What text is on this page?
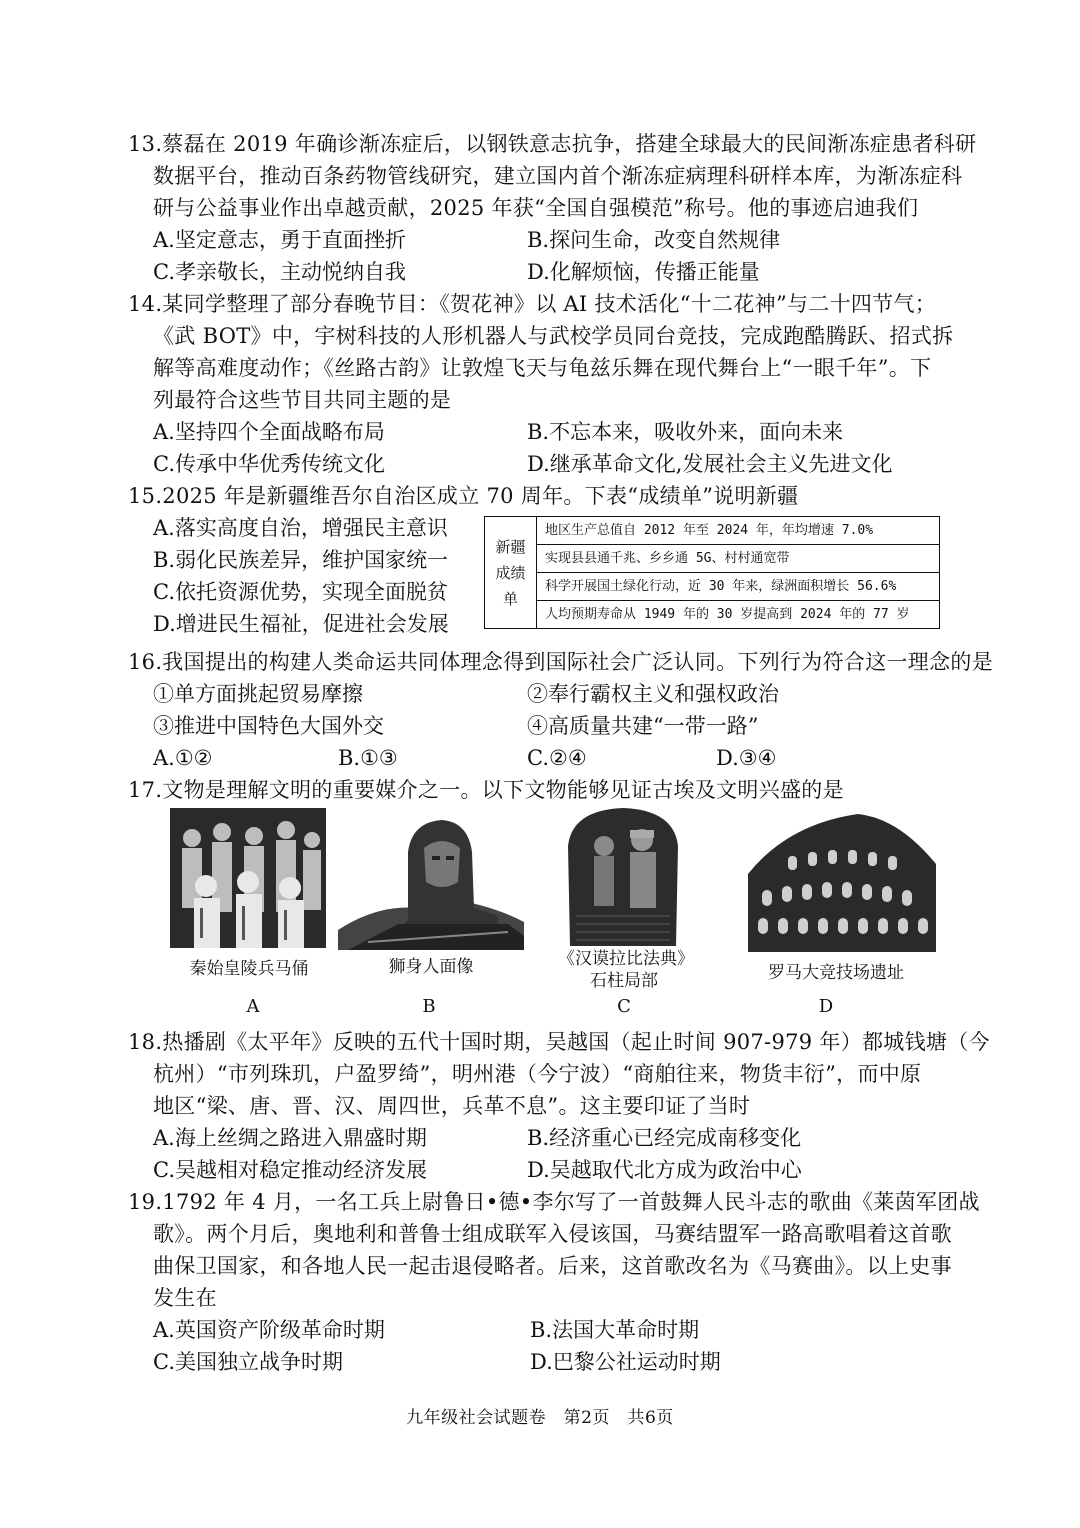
13.蔡磊在 2019 年确诊渐冻症后，以钢铁意志抗争，搭建全球最大的民间渐冻症患者科研
数据平台，推动百条药物管线研究，建立国内首个渐冻症病理科研样本库，为渐冻症科
研与公益事业作出卓越贡献，2025 年获“全国自强模范”称号。他的事迹启迪我们
A.坚定意志，勇于直面挫折	B.探问生命，改变自然规律
C.孝亲敬长，主动悦纳自我	D.化解烦恼，传播正能量
14.某同学整理了部分春晚节目：《贺花神》以 AI 技术活化“十二花神”与二十四节气；
《武 BOT》中，宇树科技的人形机器人与武校学员同台竞技，完成跑酷腾跃、招式拆
解等高难度动作；《丝路古韵》让敦煌飞天与龟兹乐舞在现代舞台上“一眼千年”。下
列最符合这些节目共同主题的是
A.坚持四个全面战略布局	B.不忘本来，吸收外来，面向未来
C.传承中华优秀传统文化	D.继承革命文化,发展社会主义先进文化
15.2025 年是新疆维吾尔自治区成立 70 周年。下表“成绩单”说明新疆
A.落实高度自治，增强民主意识
B.弱化民族差异，维护国家统一
C.依托资源优势，实现全面脱贫
D.增进民生福祉，促进社会发展
新疆
成绩
单
地区生产总值自 2012 年至 2024 年，年均增速 7.0%
实现县县通千兆、乡乡通 5G、村村通宽带
科学开展国土绿化行动，近 30 年来，绿洲面积增长 56.6%
人均预期寿命从 1949 年的 30 岁提高到 2024 年的 77 岁
16.我国提出的构建人类命运共同体理念得到国际社会广泛认同。下列行为符合这一理念的是
①单方面挑起贸易摩擦	②奉行霸权主义和强权政治
③推进中国特色大国外交	④高质量共建“一带一路”
A.①②	B.①③	C.②④	D.③④
17.文物是理解文明的重要媒介之一。以下文物能够见证古埃及文明兴盛的是
秦始皇陵兵马俑	狮身人面像	《汉谟拉比法典》
石柱局部	罗马大竞技场遗址
A	B	C	D
18.热播剧《太平年》反映的五代十国时期，吴越国（起止时间 907-979 年）都城钱塘（今
杭州）“市列珠玑，户盈罗绮”，明州港（今宁波）“商舶往来，物货丰衍”，而中原
地区“梁、唐、晋、汉、周四世，兵革不息”。这主要印证了当时
A.海上丝绸之路进入鼎盛时期	B.经济重心已经完成南移变化
C.吴越相对稳定推动经济发展	D.吴越取代北方成为政治中心
19.1792 年 4 月，一名工兵上尉鲁日•德•李尔写了一首鼓舞人民斗志的歌曲《莱茵军团战
歌》。两个月后，奥地利和普鲁士组成联军入侵该国，马赛结盟军一路高歌唱着这首歌
曲保卫国家，和各地人民一起击退侵略者。后来，这首歌改名为《马赛曲》。以上史事
发生在
A.英国资产阶级革命时期	B.法国大革命时期
C.美国独立战争时期	D.巴黎公社运动时期
九年级社会试题卷　第2页　共6页
